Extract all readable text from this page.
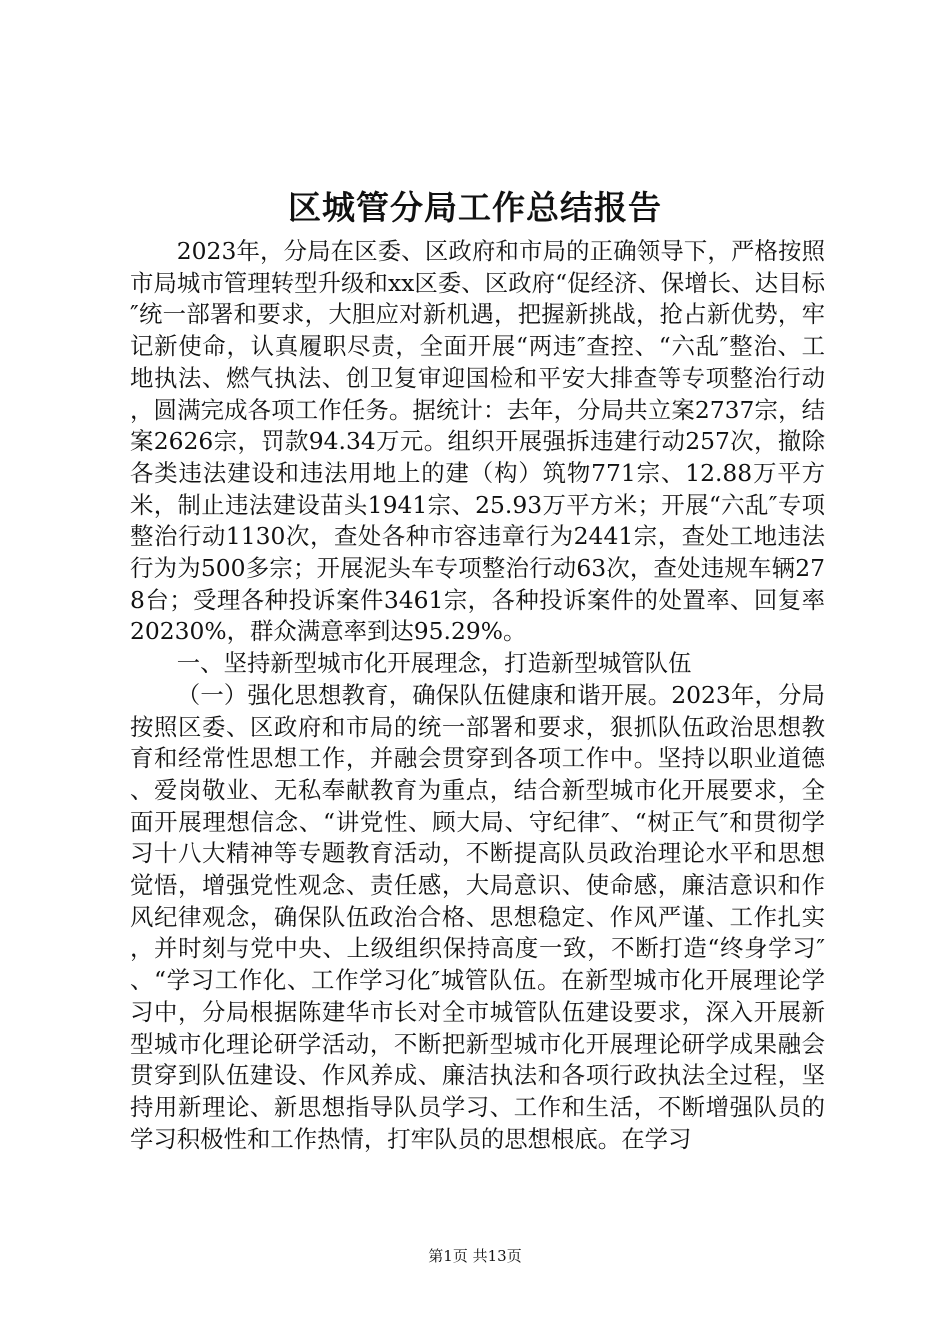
区城管分局工作总结报告

2023年，分局在区委、区政府和市局的正确领导下，严格按照市局城市管理转型升级和xx区委、区政府“促经济、保增长、达目标″统一部署和要求，大胆应对新机遇，把握新挑战，抢占新优势，牢记新使命，认真履职尽责，全面开展“两违″查控、“六乱″整治、工地执法、燃气执法、创卫复审迎国检和平安大排查等专项整治行动，圆满完成各项工作任务。据统计：去年，分局共立案2737宗，结案2626宗，罚款94.34万元。组织开展强拆违建行动257次，撤除各类违法建设和违法用地上的建（构）筑物771宗、12.88万平方米，制止违法建设苗头1941宗、25.93万平方米；开展“六乱″专项整治行动1130次，查处各种市容违章行为2441宗，查处工地违法行为为500多宗；开展泥头车专项整治行动63次，查处违规车辆278台；受理各种投诉案件3461宗，各种投诉案件的处置率、回复率20230%，群众满意率到达95.29%。

一、坚持新型城市化开展理念，打造新型城管队伍

（一）强化思想教育，确保队伍健康和谐开展。2023年，分局按照区委、区政府和市局的统一部署和要求，狠抓队伍政治思想教育和经常性思想工作，并融会贯穿到各项工作中。坚持以职业道德、爱岗敬业、无私奉献教育为重点，结合新型城市化开展要求，全面开展理想信念、“讲党性、顾大局、守纪律″、“树正气″和贯彻学习十八大精神等专题教育活动，不断提高队员政治理论水平和思想觉悟，增强党性观念、责任感，大局意识、使命感，廉洁意识和作风纪律观念，确保队伍政治合格、思想稳定、作风严谨、工作扎实，并时刻与党中央、上级组织保持高度一致，不断打造“终身学习″、“学习工作化、工作学习化″城管队伍。在新型城市化开展理论学习中，分局根据陈建华市长对全市城管队伍建设要求，深入开展新型城市化理论研学活动，不断把新型城市化开展理论研学成果融会贯穿到队伍建设、作风养成、廉洁执法和各项行政执法全过程，坚持用新理论、新思想指导队员学习、工作和生活，不断增强队员的学习积极性和工作热情，打牢队员的思想根底。在学习

第1页 共13页
